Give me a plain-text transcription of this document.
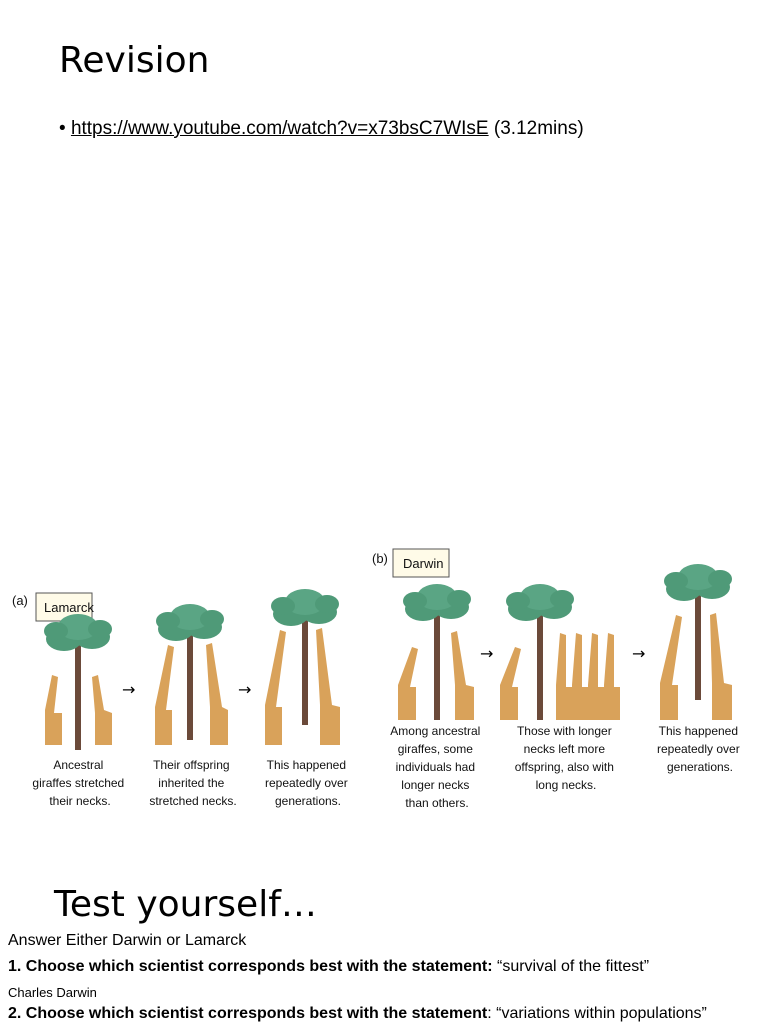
Revision
• https://www.youtube.com/watch?v=x73bsC7WIsE (3.12mins)
(a) Lamarck
→	→
Ancestral giraffes stretched their necks.
Their offspring inherited the stretched necks.
This happened repeatedly over generations.
(b) Darwin
→	→
Among ancestral giraffes, some individuals had longer necks than others.
Those with longer necks left more offspring, also with long necks.
This happened repeatedly over generations.
Test yourself…
Answer Either Darwin or Lamarck
1. Choose which scientist corresponds best with the statement: “survival of the fittest”
Charles Darwin
2. Choose which scientist corresponds best with the statement: “variations within populations”
